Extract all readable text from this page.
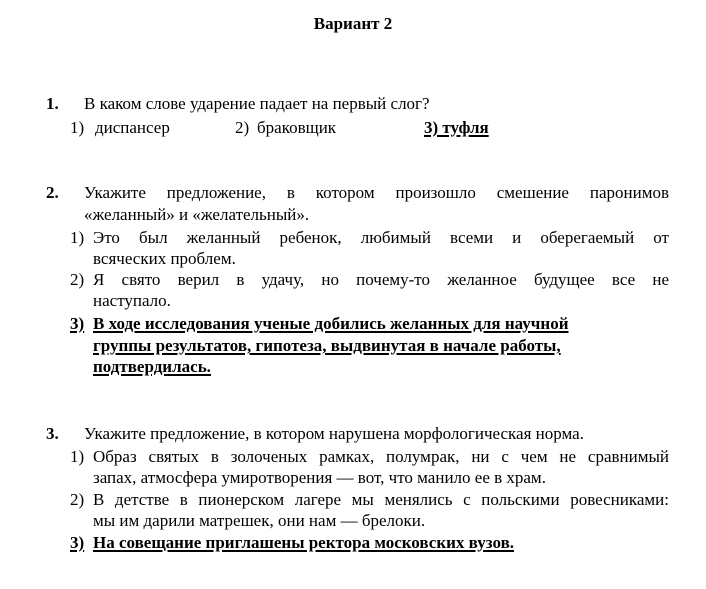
Вариант 2
1. В каком слове ударение падает на первый слог?
1) диспансер	2) браковщик	3) туфля
2. Укажите предложение, в котором произошло смешение паронимов
«желанный» и «желательный».
1) Это был желанный ребенок, любимый всеми и оберегаемый от
всяческих проблем.
2) Я свято верил в удачу, но почему-то желанное будущее все не
наступало.
3) В ходе исследования ученые добились желанных для научной
группы результатов, гипотеза, выдвинутая в начале работы,
подтвердилась.
3. Укажите предложение, в котором нарушена морфологическая норма.
1) Образ святых в золоченых рамках, полумрак, ни с чем не сравнимый
запах, атмосфера умиротворения — вот, что манило ее в храм.
2) В детстве в пионерском лагере мы менялись с польскими ровесниками:
мы им дарили матрешек, они нам — брелоки.
3) На совещание приглашены ректора московских вузов.
